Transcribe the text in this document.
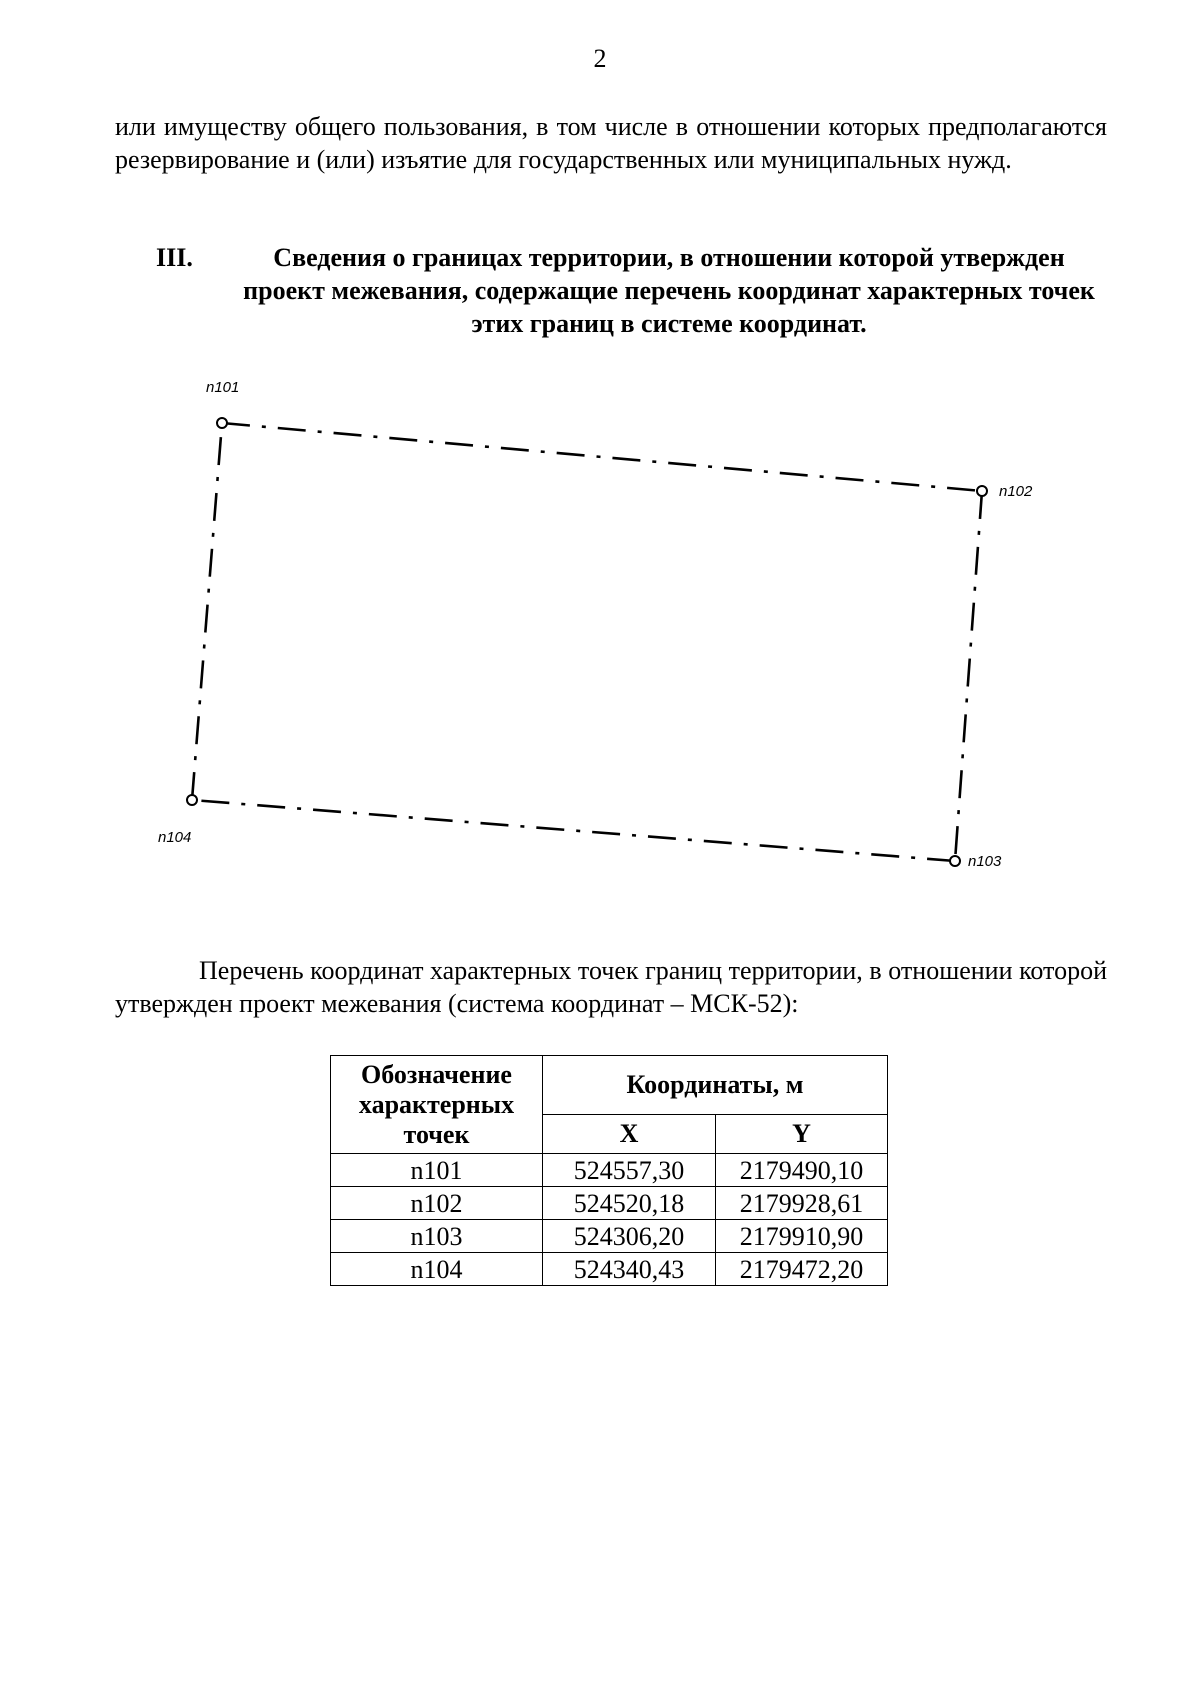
2

или имуществу общего пользования, в том числе в отношении которых предполагаются резервирование и (или) изъятие для государственных или муниципальных нужд.

III.	Сведения о границах территории, в отношении которой утвержден проект межевания, содержащие перечень координат характерных точек этих границ в системе координат.
n101
n102
n103
n104

Перечень координат характерных точек границ территории, в отношении которой утвержден проект межевания (система координат – МСК-52):

Обозначение характерных точек	Координаты, м	
	X	Y
n101	524557,30	2179490,10
n102	524520,18	2179928,61
n103	524306,20	2179910,90
n104	524340,43	2179472,20
